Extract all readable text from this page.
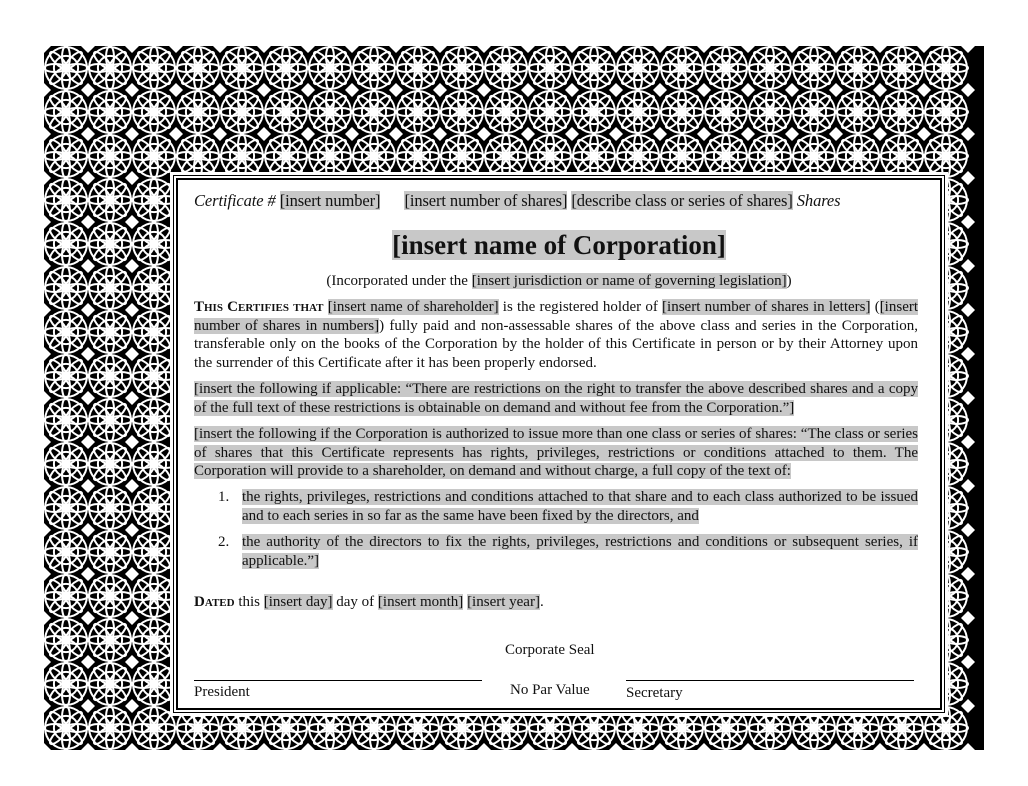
Certificate # [insert number] [insert number of shares] [describe class or series of shares] Shares
[insert name of Corporation]
(Incorporated under the [insert jurisdiction or name of governing legislation])

This Certifies that [insert name of shareholder] is the registered holder of [insert number of shares in letters] ([insert number of shares in numbers]) fully paid and non-assessable shares of the above class and series in the Corporation, transferable only on the books of the Corporation by the holder of this Certificate in person or by their Attorney upon the surrender of this Certificate after it has been properly endorsed.

[insert the following if applicable: “There are restrictions on the right to transfer the above described shares and a copy of the full text of these restrictions is obtainable on demand and without fee from the Corporation.”]

[insert the following if the Corporation is authorized to issue more than one class or series of shares: “The class or series of shares that this Certificate represents has rights, privileges, restrictions or conditions attached to them. The Corporation will provide to a shareholder, on demand and without charge, a full copy of the text of:

1. the rights, privileges, restrictions and conditions attached to that share and to each class authorized to be issued and to each series in so far as the same have been fixed by the directors, and
2. the authority of the directors to fix the rights, privileges, restrictions and conditions or subsequent series, if applicable.”]
Dated this [insert day] day of [insert month] [insert year].
Corporate Seal
President	No Par Value Secretary
